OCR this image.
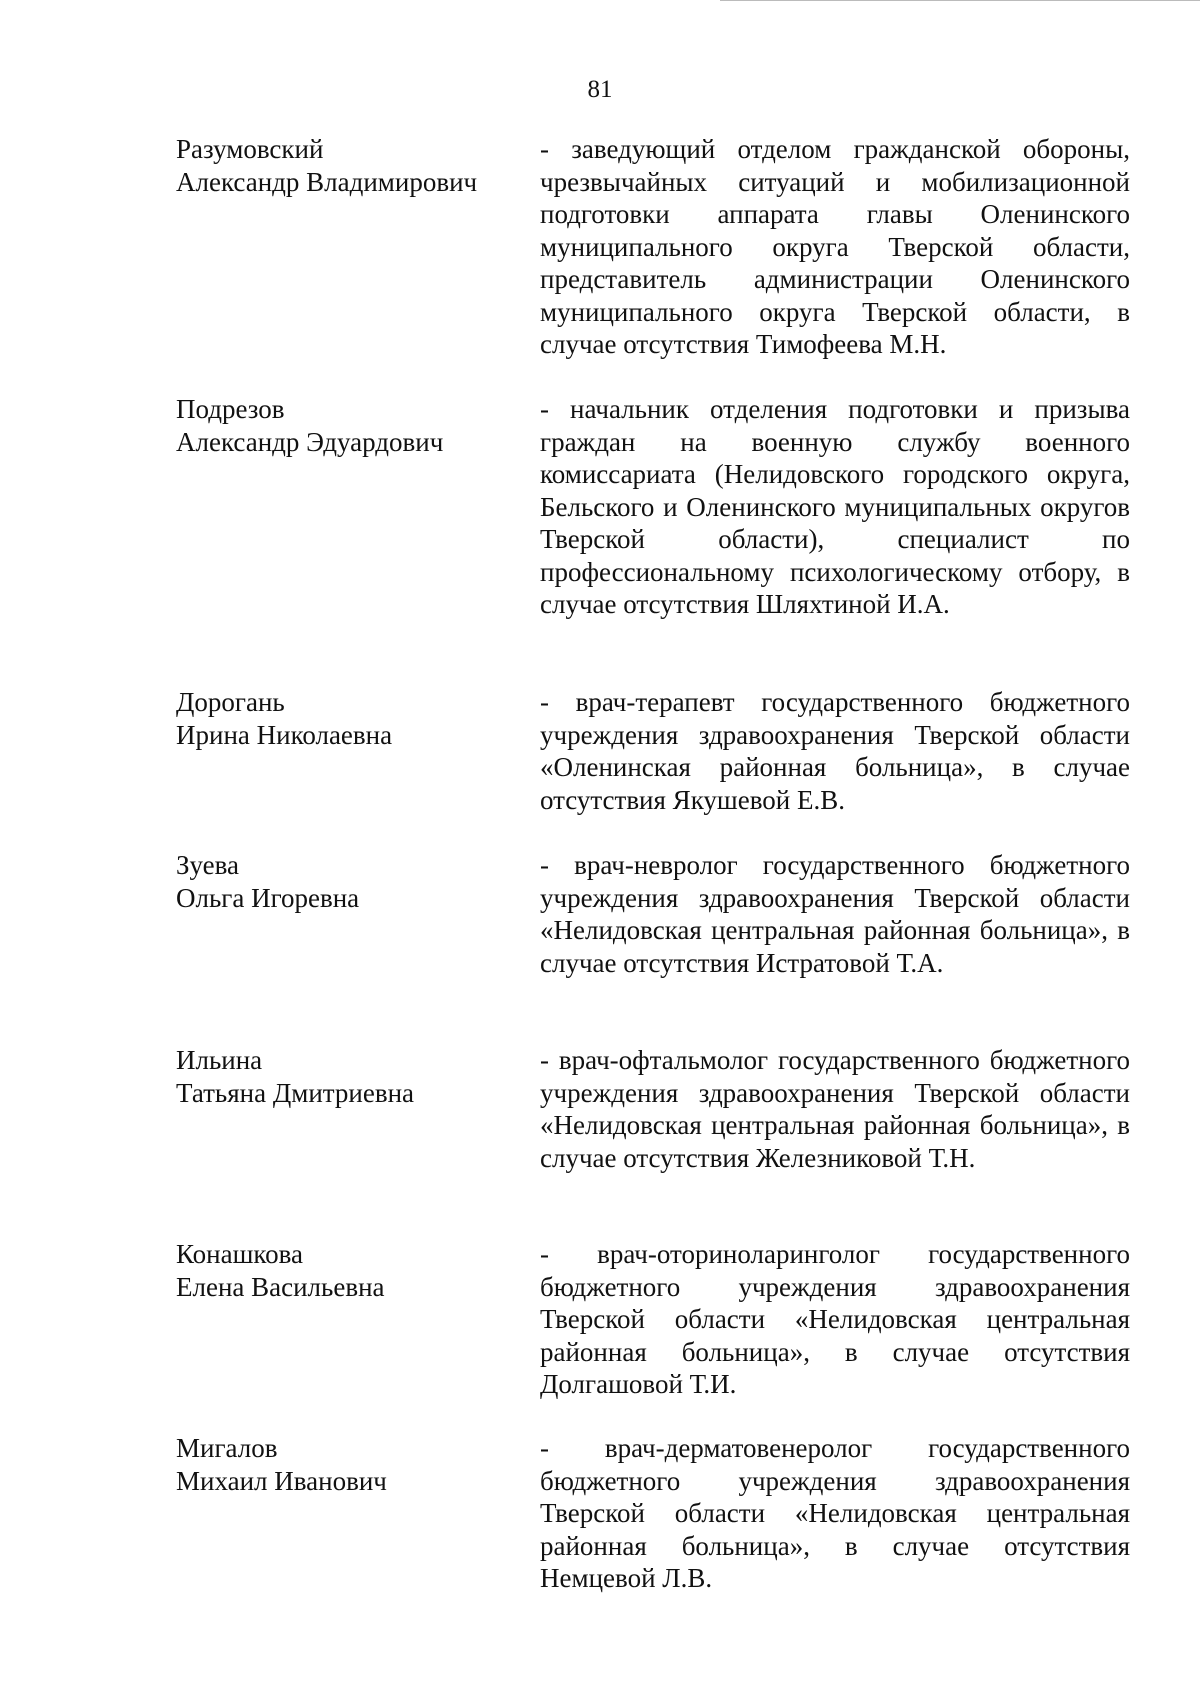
81
Разумовский
Александр Владимирович
- заведующий отделом гражданской обороны, чрезвычайных ситуаций и мобилизационной подготовки аппарата главы Оленинского муниципального округа Тверской области, представитель администрации Оленинского муниципального округа Тверской области, в случае отсутствия Тимофеева М.Н.
Подрезов
Александр Эдуардович
- начальник отделения подготовки и призыва граждан на военную службу военного комиссариата (Нелидовского городского округа, Бельского и Оленинского муниципальных округов Тверской области), специалист по профессиональному психологическому отбору, в случае отсутствия Шляхтиной И.А.
Дорогань
Ирина Николаевна
- врач-терапевт государственного бюджетного учреждения здравоохранения Тверской области «Оленинская районная больница», в случае отсутствия Якушевой Е.В.
Зуева
Ольга Игоревна
- врач-невролог государственного бюджетного учреждения здравоохранения Тверской области «Нелидовская центральная районная больница», в случае отсутствия Истратовой Т.А.
Ильина
Татьяна Дмитриевна
- врач-офтальмолог государственного бюджетного учреждения здравоохранения Тверской области «Нелидовская центральная районная больница», в случае отсутствия Железниковой Т.Н.
Конашкова
Елена Васильевна
- врач-оториноларинголог государственного бюджетного учреждения здравоохранения Тверской области «Нелидовская центральная районная больница», в случае отсутствия Долгашовой Т.И.
Мигалов
Михаил Иванович
- врач-дерматовенеролог государственного бюджетного учреждения здравоохранения Тверской области «Нелидовская центральная районная больница», в случае отсутствия Немцевой Л.В.
